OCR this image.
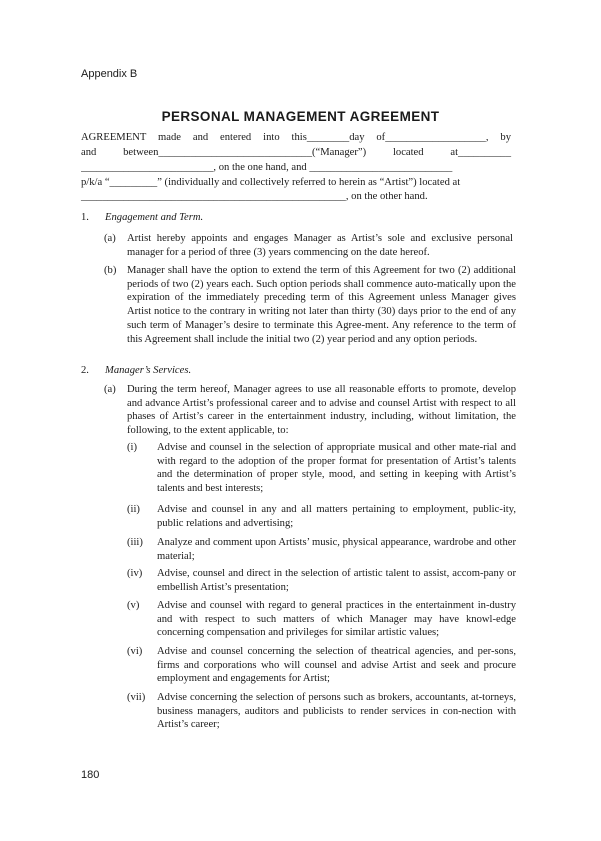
Appendix B
PERSONAL MANAGEMENT AGREEMENT
AGREEMENT made and entered into this________day of___________________, by
and between_____________________________(“Manager”) located at__________
_________________________, on the one hand, and ___________________________
p/k/a “_________” (individually and collectively referred to herein as “Artist”) located at
__________________________________________________, on the other hand.
1. Engagement and Term.
(a) Artist hereby appoints and engages Manager as Artist’s sole and exclusive personal manager for a period of three (3) years commencing on the date hereof.
(b) Manager shall have the option to extend the term of this Agreement for two (2) additional periods of two (2) years each. Such option periods shall commence auto-matically upon the expiration of the immediately preceding term of this Agreement unless Manager gives Artist notice to the contrary in writing not later than thirty (30) days prior to the end of any such term of Manager’s desire to terminate this Agree-ment. Any reference to the term of this Agreement shall include the initial two (2) year period and any option periods.
2. Manager’s Services.
(a) During the term hereof, Manager agrees to use all reasonable efforts to promote, develop and advance Artist’s professional career and to advise and counsel Artist with respect to all phases of Artist’s career in the entertainment industry, including, without limitation, the following, to the extent applicable, to:
(i) Advise and counsel in the selection of appropriate musical and other mate-rial and with regard to the adoption of the proper format for presentation of Artist’s talents and the determination of proper style, mood, and setting in keeping with Artist’s talents and best interests;
(ii) Advise and counsel in any and all matters pertaining to employment, public-ity, public relations and advertising;
(iii) Analyze and comment upon Artists’ music, physical appearance, wardrobe and other material;
(iv) Advise, counsel and direct in the selection of artistic talent to assist, accom-pany or embellish Artist’s presentation;
(v) Advise and counsel with regard to general practices in the entertainment in-dustry and with respect to such matters of which Manager may have knowl-edge concerning compensation and privileges for similar artistic values;
(vi) Advise and counsel concerning the selection of theatrical agencies, and per-sons, firms and corporations who will counsel and advise Artist and seek and procure employment and engagements for Artist;
(vii) Advise concerning the selection of persons such as brokers, accountants, at-torneys, business managers, auditors and publicists to render services in con-nection with Artist’s career;
180
